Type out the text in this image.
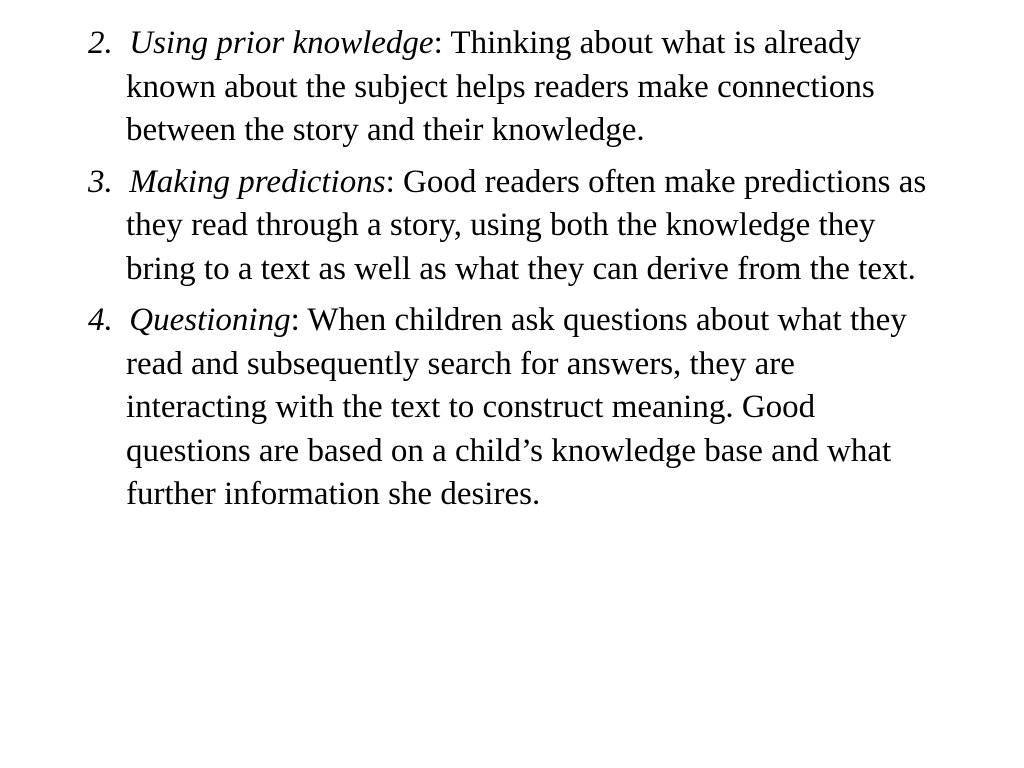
2. Using prior knowledge: Thinking about what is already known about the subject helps readers make connections between the story and their knowledge.

3. Making predictions: Good readers often make predictions as they read through a story, using both the knowledge they bring to a text as well as what they can derive from the text.

4. Questioning: When children ask questions about what they read and subsequently search for answers, they are interacting with the text to construct meaning. Good questions are based on a child’s knowledge base and what further information she desires.
